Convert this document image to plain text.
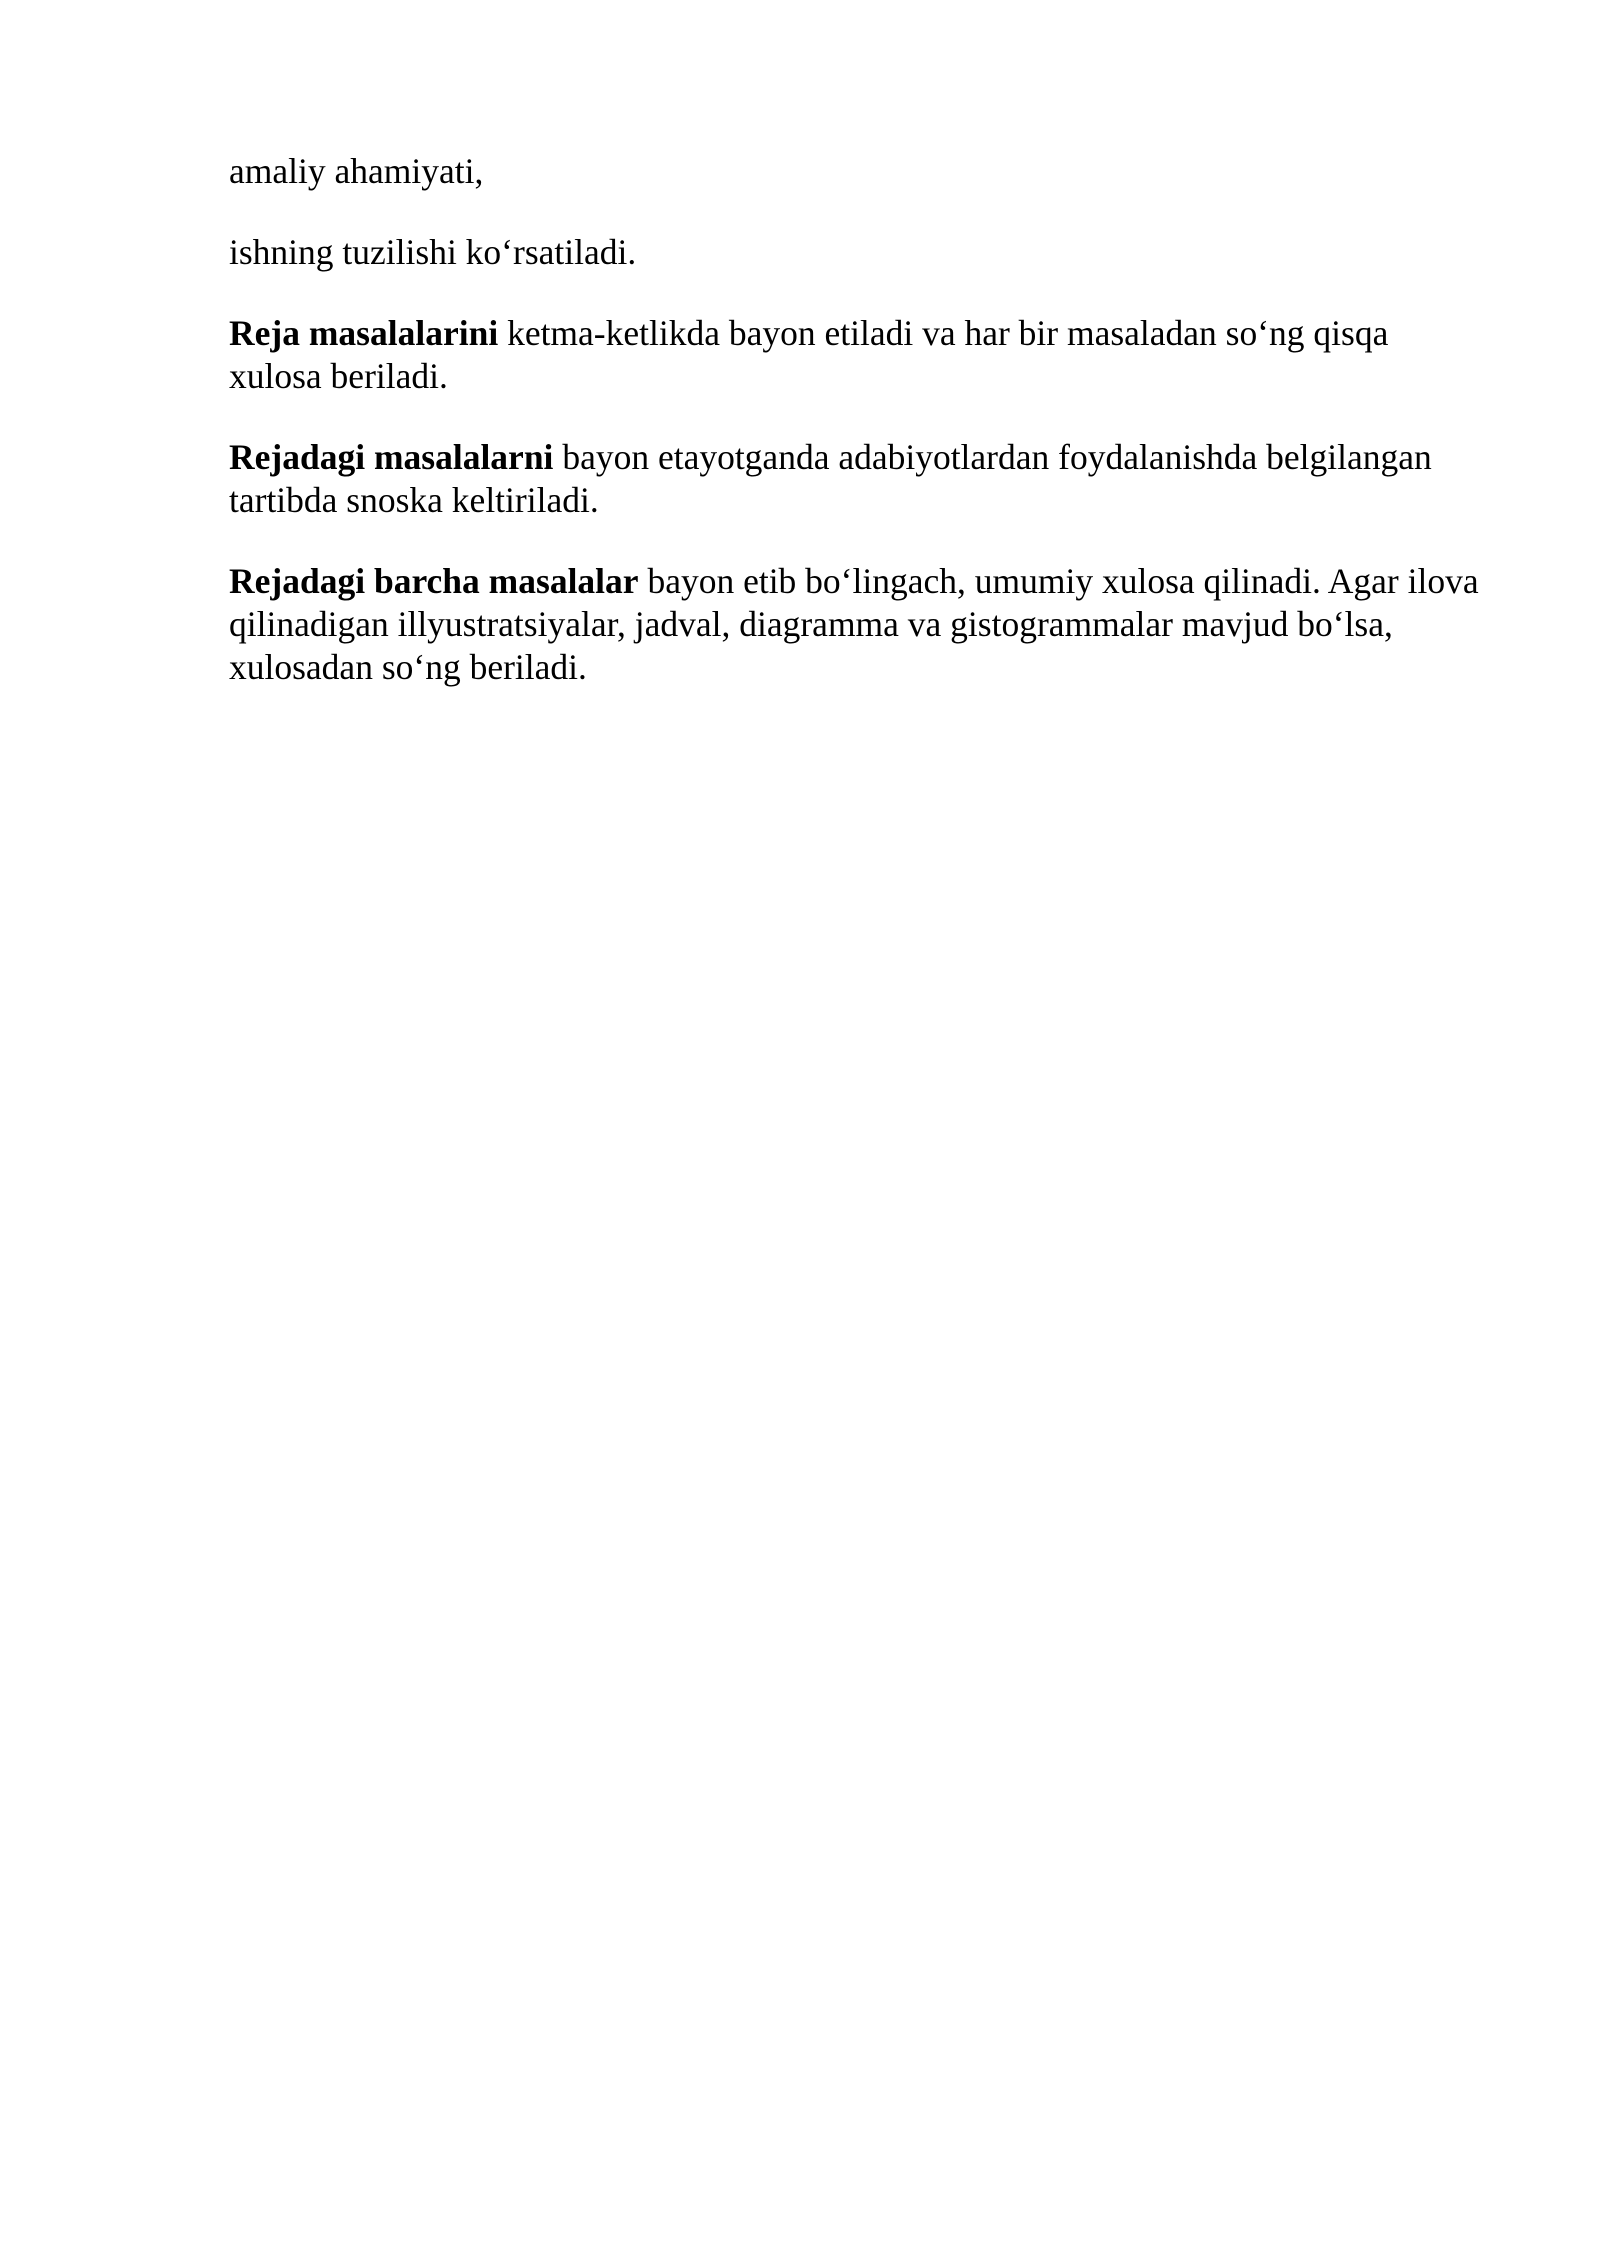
amaliy ahamiyati,

ishning tuzilishi ko‘rsatiladi.

Reja masalalarini ketma-ketlikda bayon etiladi va har bir masaladan so‘ng qisqa xulosa beriladi.

Rejadagi masalalarni bayon etayotganda adabiyotlardan foydalanishda belgilangan tartibda snoska keltiriladi.

Rejadagi barcha masalalar bayon etib bo‘lingach, umumiy xulosa qilinadi. Agar ilova qilinadigan illyustratsiyalar, jadval, diagramma va gistogrammalar mavjud bo‘lsa, xulosadan so‘ng beriladi.
